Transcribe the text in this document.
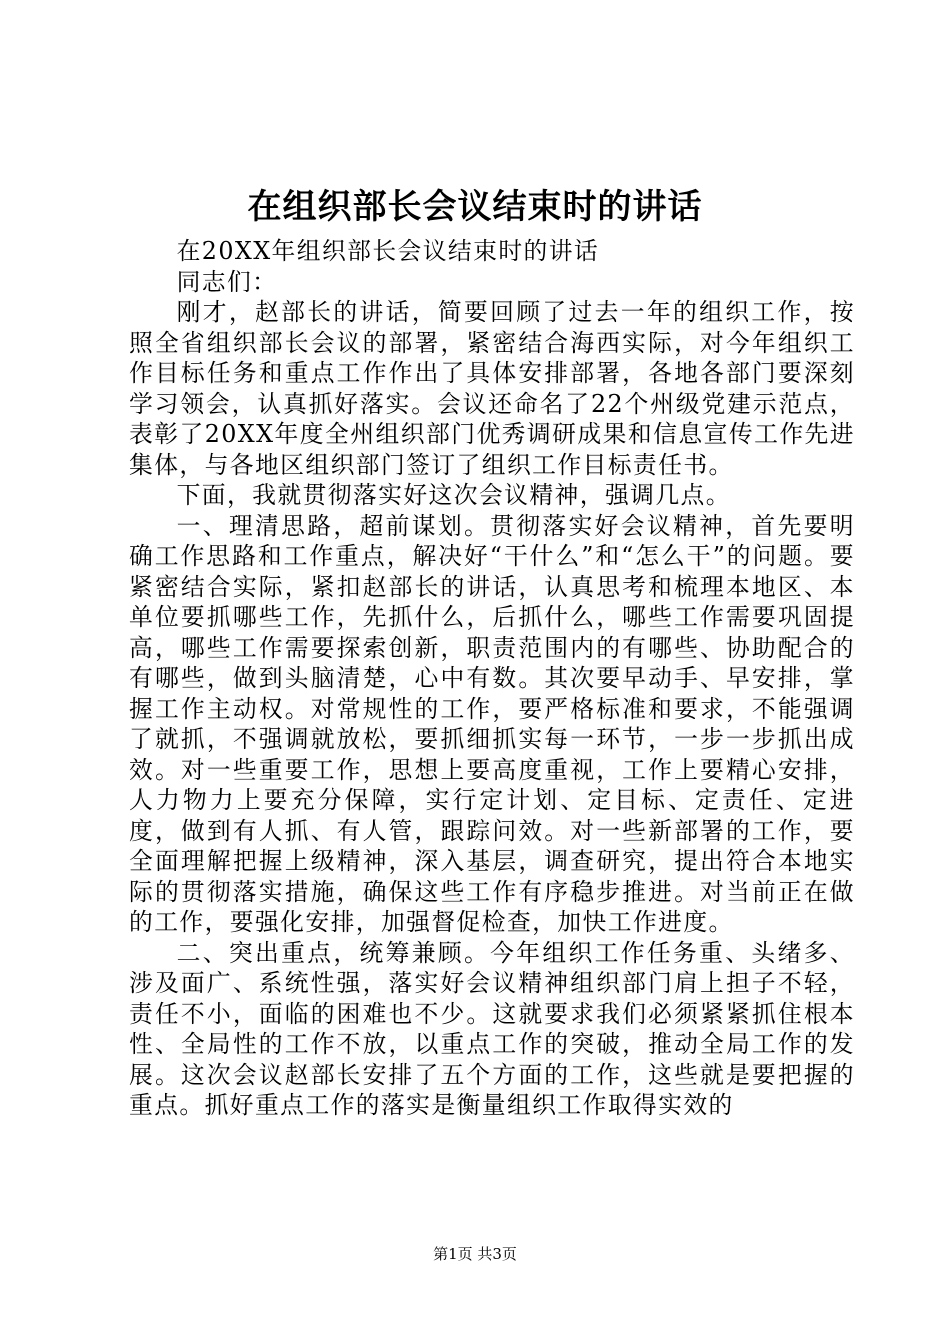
在组织部长会议结束时的讲话

在20XX年组织部长会议结束时的讲话

同志们：

刚才，赵部长的讲话，简要回顾了过去一年的组织工作，按照全省组织部长会议的部署，紧密结合海西实际，对今年组织工作目标任务和重点工作作出了具体安排部署，各地各部门要深刻学习领会，认真抓好落实。会议还命名了22个州级党建示范点，表彰了20XX年度全州组织部门优秀调研成果和信息宣传工作先进集体，与各地区组织部门签订了组织工作目标责任书。

下面，我就贯彻落实好这次会议精神，强调几点。

一、理清思路，超前谋划。贯彻落实好会议精神，首先要明确工作思路和工作重点，解决好“干什么”和“怎么干”的问题。要紧密结合实际，紧扣赵部长的讲话，认真思考和梳理本地区、本单位要抓哪些工作，先抓什么，后抓什么，哪些工作需要巩固提高，哪些工作需要探索创新，职责范围内的有哪些、协助配合的有哪些，做到头脑清楚，心中有数。其次要早动手、早安排，掌握工作主动权。对常规性的工作，要严格标准和要求，不能强调了就抓，不强调就放松，要抓细抓实每一环节，一步一步抓出成效。对一些重要工作，思想上要高度重视，工作上要精心安排，人力物力上要充分保障，实行定计划、定目标、定责任、定进度，做到有人抓、有人管，跟踪问效。对一些新部署的工作，要全面理解把握上级精神，深入基层，调查研究，提出符合本地实际的贯彻落实措施，确保这些工作有序稳步推进。对当前正在做的工作，要强化安排，加强督促检查，加快工作进度。

二、突出重点，统筹兼顾。今年组织工作任务重、头绪多、涉及面广、系统性强，落实好会议精神组织部门肩上担子不轻，责任不小，面临的困难也不少。这就要求我们必须紧紧抓住根本性、全局性的工作不放，以重点工作的突破，推动全局工作的发展。这次会议赵部长安排了五个方面的工作，这些就是要把握的重点。抓好重点工作的落实是衡量组织工作取得实效的

第1页 共3页
